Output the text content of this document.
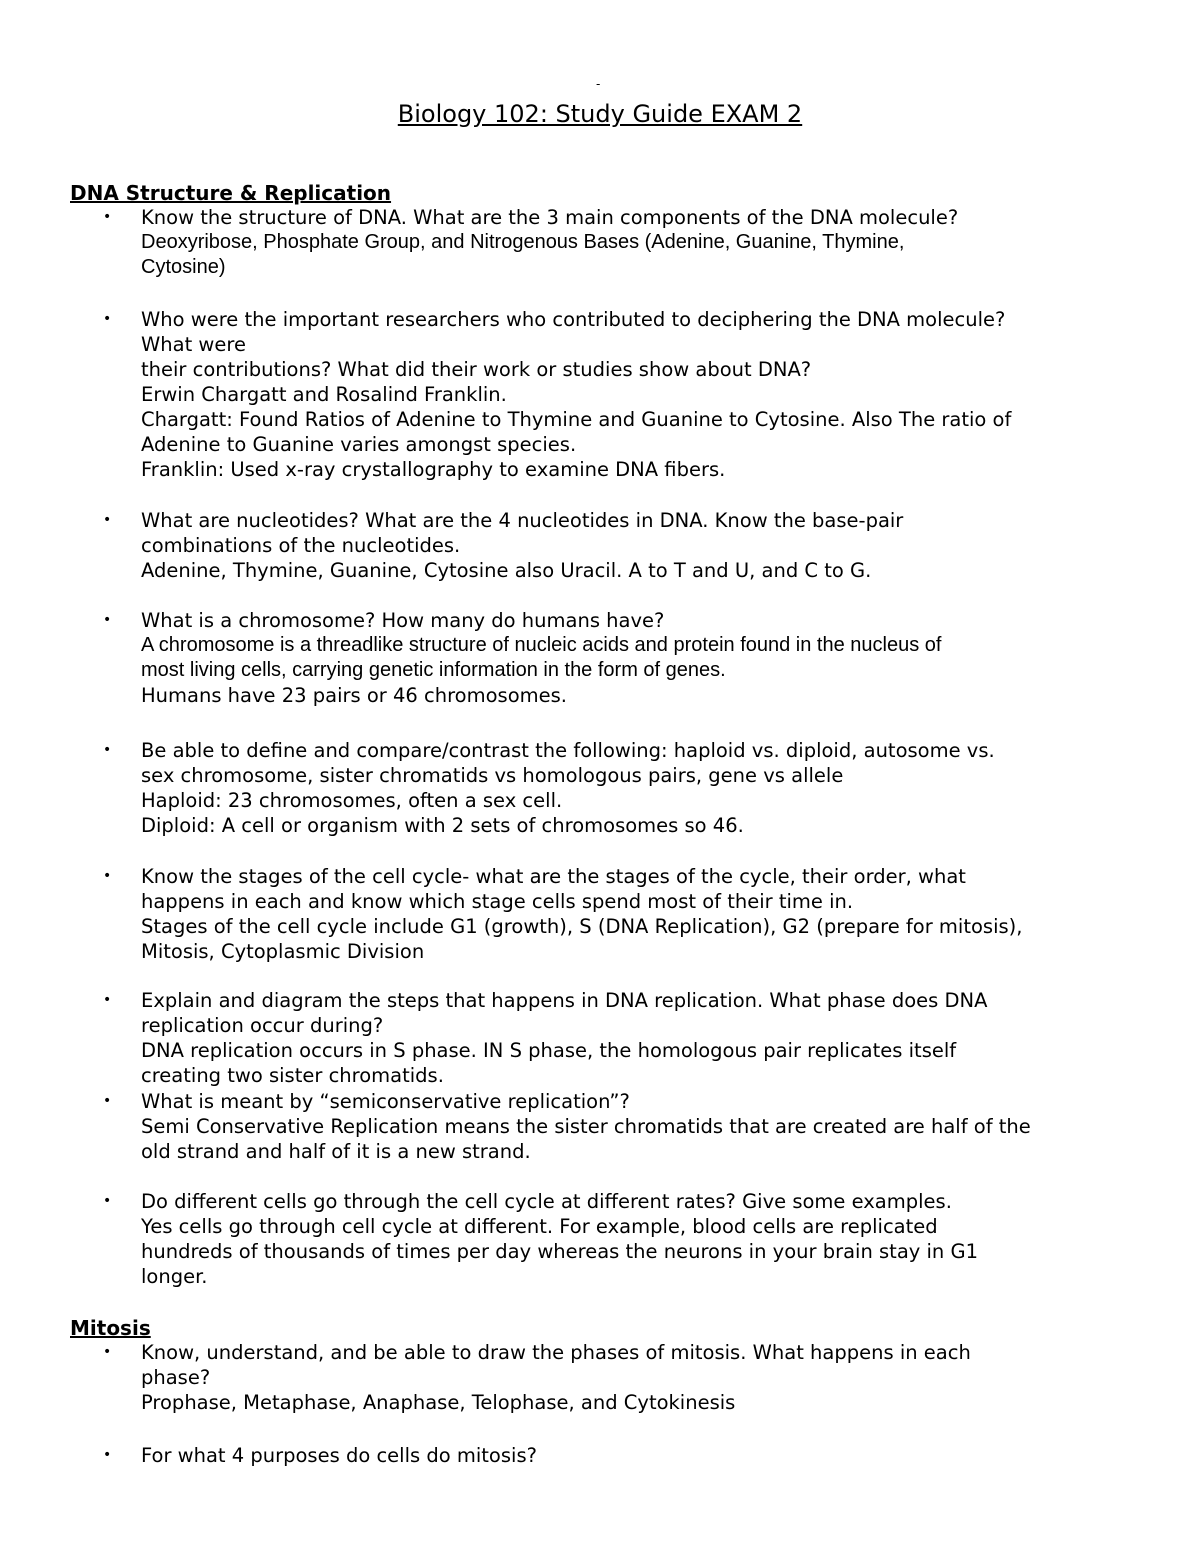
-
Biology 102: Study Guide EXAM 2
DNA Structure & Replication
•	Know the structure of DNA. What are the 3 main components of the DNA molecule?
Deoxyribose, Phosphate Group, and Nitrogenous Bases (Adenine, Guanine, Thymine,
Cytosine)
•	Who were the important researchers who contributed to deciphering the DNA molecule?
What were
their contributions? What did their work or studies show about DNA?
Erwin Chargatt and Rosalind Franklin.
Chargatt: Found Ratios of Adenine to Thymine and Guanine to Cytosine. Also The ratio of
Adenine to Guanine varies amongst species.
Franklin: Used x-ray crystallography to examine DNA fibers.
•	What are nucleotides? What are the 4 nucleotides in DNA. Know the base-pair
combinations of the nucleotides.
Adenine, Thymine, Guanine, Cytosine also Uracil. A to T and U, and C to G.
•	What is a chromosome? How many do humans have?
A chromosome is a threadlike structure of nucleic acids and protein found in the nucleus of
most living cells, carrying genetic information in the form of genes.
Humans have 23 pairs or 46 chromosomes.
•	Be able to define and compare/contrast the following: haploid vs. diploid, autosome vs.
sex chromosome, sister chromatids vs homologous pairs, gene vs allele
Haploid: 23 chromosomes, often a sex cell.
Diploid: A cell or organism with 2 sets of chromosomes so 46.
•	Know the stages of the cell cycle- what are the stages of the cycle, their order, what
happens in each and know which stage cells spend most of their time in.
Stages of the cell cycle include G1 (growth), S (DNA Replication), G2 (prepare for mitosis),
Mitosis, Cytoplasmic Division
•	Explain and diagram the steps that happens in DNA replication. What phase does DNA
replication occur during?
DNA replication occurs in S phase. IN S phase, the homologous pair replicates itself
creating two sister chromatids.
•	What is meant by “semiconservative replication”?
Semi Conservative Replication means the sister chromatids that are created are half of the
old strand and half of it is a new strand.
•	Do different cells go through the cell cycle at different rates? Give some examples.
Yes cells go through cell cycle at different. For example, blood cells are replicated
hundreds of thousands of times per day whereas the neurons in your brain stay in G1
longer.
Mitosis
•	Know, understand, and be able to draw the phases of mitosis. What happens in each
phase?
Prophase, Metaphase, Anaphase, Telophase, and Cytokinesis
•	For what 4 purposes do cells do mitosis?
